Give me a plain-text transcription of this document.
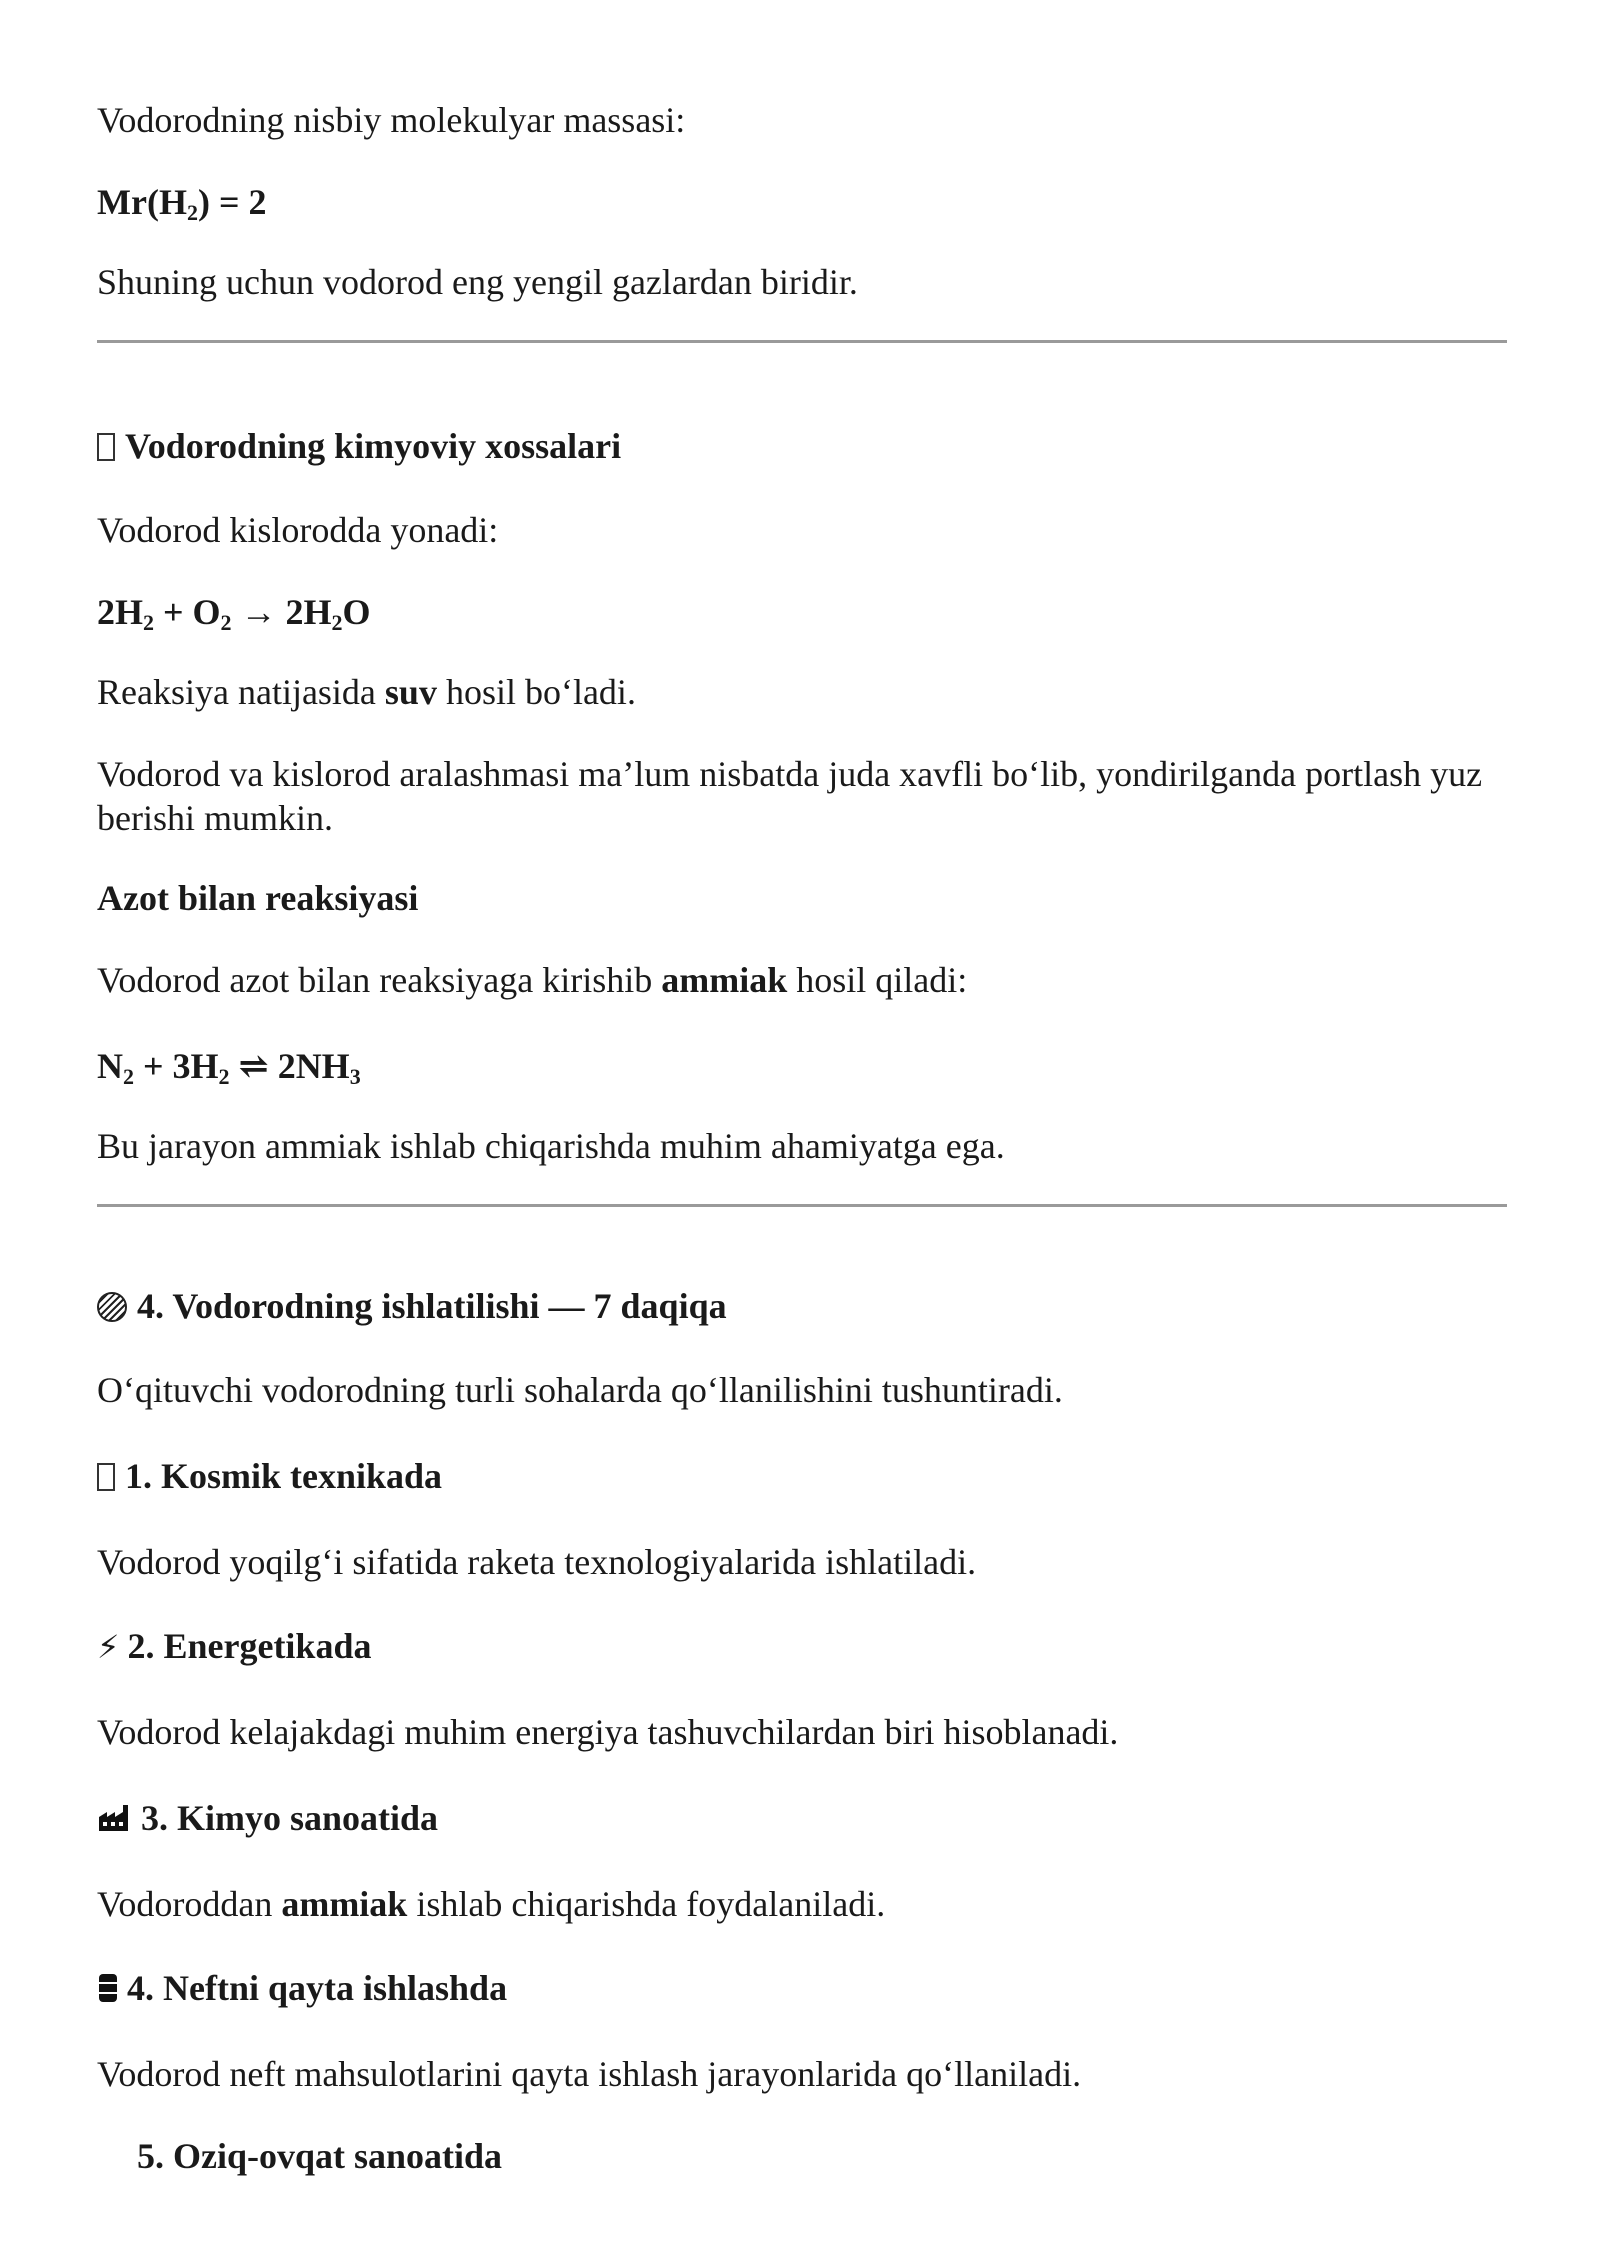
Vodorodning nisbiy molekulyar massasi:
$Mr(H_2) = 2$
Shuning uchun vodorod eng yengil gazlardan biridir.
Vodorodning kimyoviy xossalari
Vodorod kislorodda yonadi:
$2H_2 + O_2 \to 2H_2O$
Reaksiya natijasida suv hosil bo‘ladi.
Vodorod va kislorod aralashmasi ma’lum nisbatda juda xavfli bo‘lib, yondirilganda portlash yuz berishi mumkin.
Azot bilan reaksiyasi
Vodorod azot bilan reaksiyaga kirishib ammiak hosil qiladi:
$N_2 + 3H_2$ ⇌ $2NH_3$
Bu jarayon ammiak ishlab chiqarishda muhim ahamiyatga ega.
4. Vodorodning ishlatilishi — 7 daqiqa
O‘qituvchi vodorodning turli sohalarda qo‘llanilishini tushuntiradi.
1. Kosmik texnikada
Vodorod yoqilg‘i sifatida raketa texnologiyalarida ishlatiladi.
⚡ 2. Energetikada
Vodorod kelajakdagi muhim energiya tashuvchilardan biri hisoblanadi.
3. Kimyo sanoatida
Vodoroddan ammiak ishlab chiqarishda foydalaniladi.
4. Neftni qayta ishlashda
Vodorod neft mahsulotlarini qayta ishlash jarayonlarida qo‘llaniladi.
5. Oziq-ovqat sanoatida
